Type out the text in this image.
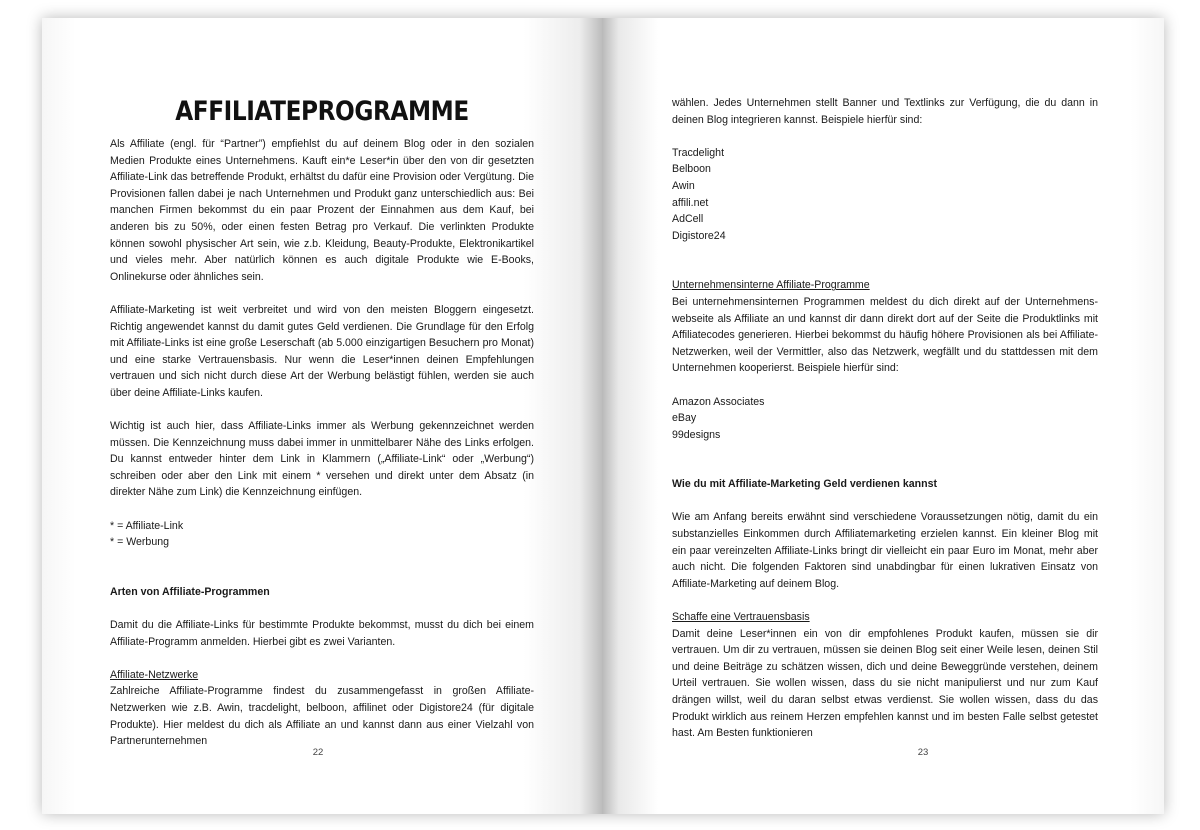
AFFILIATEPROGRAMME

Als Affiliate (engl. für “Partner”) empfiehlst du auf deinem Blog oder in den sozialen Medien Produkte eines Unternehmens. Kauft ein*e Leser*in über den von dir gesetzten Affiliate-Link das betreffende Produkt, erhältst du dafür eine Provision oder Vergütung. Die Provisionen fallen dabei je nach Unternehmen und Produkt ganz unterschiedlich aus: Bei manchen Firmen bekommst du ein paar Prozent der Einnahmen aus dem Kauf, bei anderen bis zu 50%, oder einen festen Betrag pro Verkauf. Die verlinkten Produkte können sowohl physischer Art sein, wie z.b. Kleidung, Beauty-Produkte, Elektronikartikel und vieles mehr. Aber natürlich können es auch digitale Produkte wie E-Books, Onlinekurse oder ähnliches sein.

Affiliate-Marketing ist weit verbreitet und wird von den meisten Bloggern eingesetzt. Richtig angewendet kannst du damit gutes Geld verdienen. Die Grundlage für den Erfolg mit Affiliate-Links ist eine große Leserschaft (ab 5.000 einzigartigen Besuchern pro Monat) und eine starke Vertrauensbasis. Nur wenn die Leser*innen deinen Empfehlungen vertrauen und sich nicht durch diese Art der Werbung belästigt fühlen, werden sie auch über deine Affiliate-Links kaufen.

Wichtig ist auch hier, dass Affiliate-Links immer als Werbung gekennzeichnet werden müssen. Die Kennzeichnung muss dabei immer in unmittelbarer Nähe des Links erfolgen. Du kannst entweder hinter dem Link in Klammern („Affiliate-Link“ oder „Werbung“) schreiben oder aber den Link mit einem * versehen und direkt unter dem Absatz (in direkter Nähe zum Link) die Kennzeichnung einfügen.

* = Affiliate-Link
* = Werbung

Arten von Affiliate-Programmen

Damit du die Affiliate-Links für bestimmte Produkte bekommst, musst du dich bei einem Affiliate-Programm anmelden. Hierbei gibt es zwei Varianten.

Affiliate-Netzwerke

Zahlreiche Affiliate-Programme findest du zusammengefasst in großen Affiliate-Netzwerken wie z.B. Awin, tracdelight, belboon, affilinet oder Digistore24 (für digitale Produkte). Hier meldest du dich als Affiliate an und kannst dann aus einer Vielzahl von Partnerunternehmen

22

wählen. Jedes Unternehmen stellt Banner und Textlinks zur Verfügung, die du dann in deinen Blog integrieren kannst. Beispiele hierfür sind:

Tracdelight
Belboon
Awin
affili.net
AdCell
Digistore24

Unternehmensinterne Affiliate-Programme

Bei unternehmensinternen Programmen meldest du dich direkt auf der Unternehmens-webseite als Affiliate an und kannst dir dann direkt dort auf der Seite die Produktlinks mit Affiliatecodes generieren. Hierbei bekommst du häufig höhere Provisionen als bei Affiliate-Netzwerken, weil der Vermittler, also das Netzwerk, wegfällt und du stattdessen mit dem Unternehmen kooperierst. Beispiele hierfür sind:

Amazon Associates
eBay
99designs

Wie du mit Affiliate-Marketing Geld verdienen kannst

Wie am Anfang bereits erwähnt sind verschiedene Voraussetzungen nötig, damit du ein substanzielles Einkommen durch Affiliatemarketing erzielen kannst. Ein kleiner Blog mit ein paar vereinzelten Affiliate-Links bringt dir vielleicht ein paar Euro im Monat, mehr aber auch nicht. Die folgenden Faktoren sind unabdingbar für einen lukrativen Einsatz von Affiliate-Marketing auf deinem Blog.

Schaffe eine Vertrauensbasis

Damit deine Leser*innen ein von dir empfohlenes Produkt kaufen, müssen sie dir vertrauen. Um dir zu vertrauen, müssen sie deinen Blog seit einer Weile lesen, deinen Stil und deine Beiträge zu schätzen wissen, dich und deine Beweggründe verstehen, deinem Urteil vertrauen. Sie wollen wissen, dass du sie nicht manipulierst und nur zum Kauf drängen willst, weil du daran selbst etwas verdienst. Sie wollen wissen, dass du das Produkt wirklich aus reinem Herzen empfehlen kannst und im besten Falle selbst getestet hast. Am Besten funktionieren

23
